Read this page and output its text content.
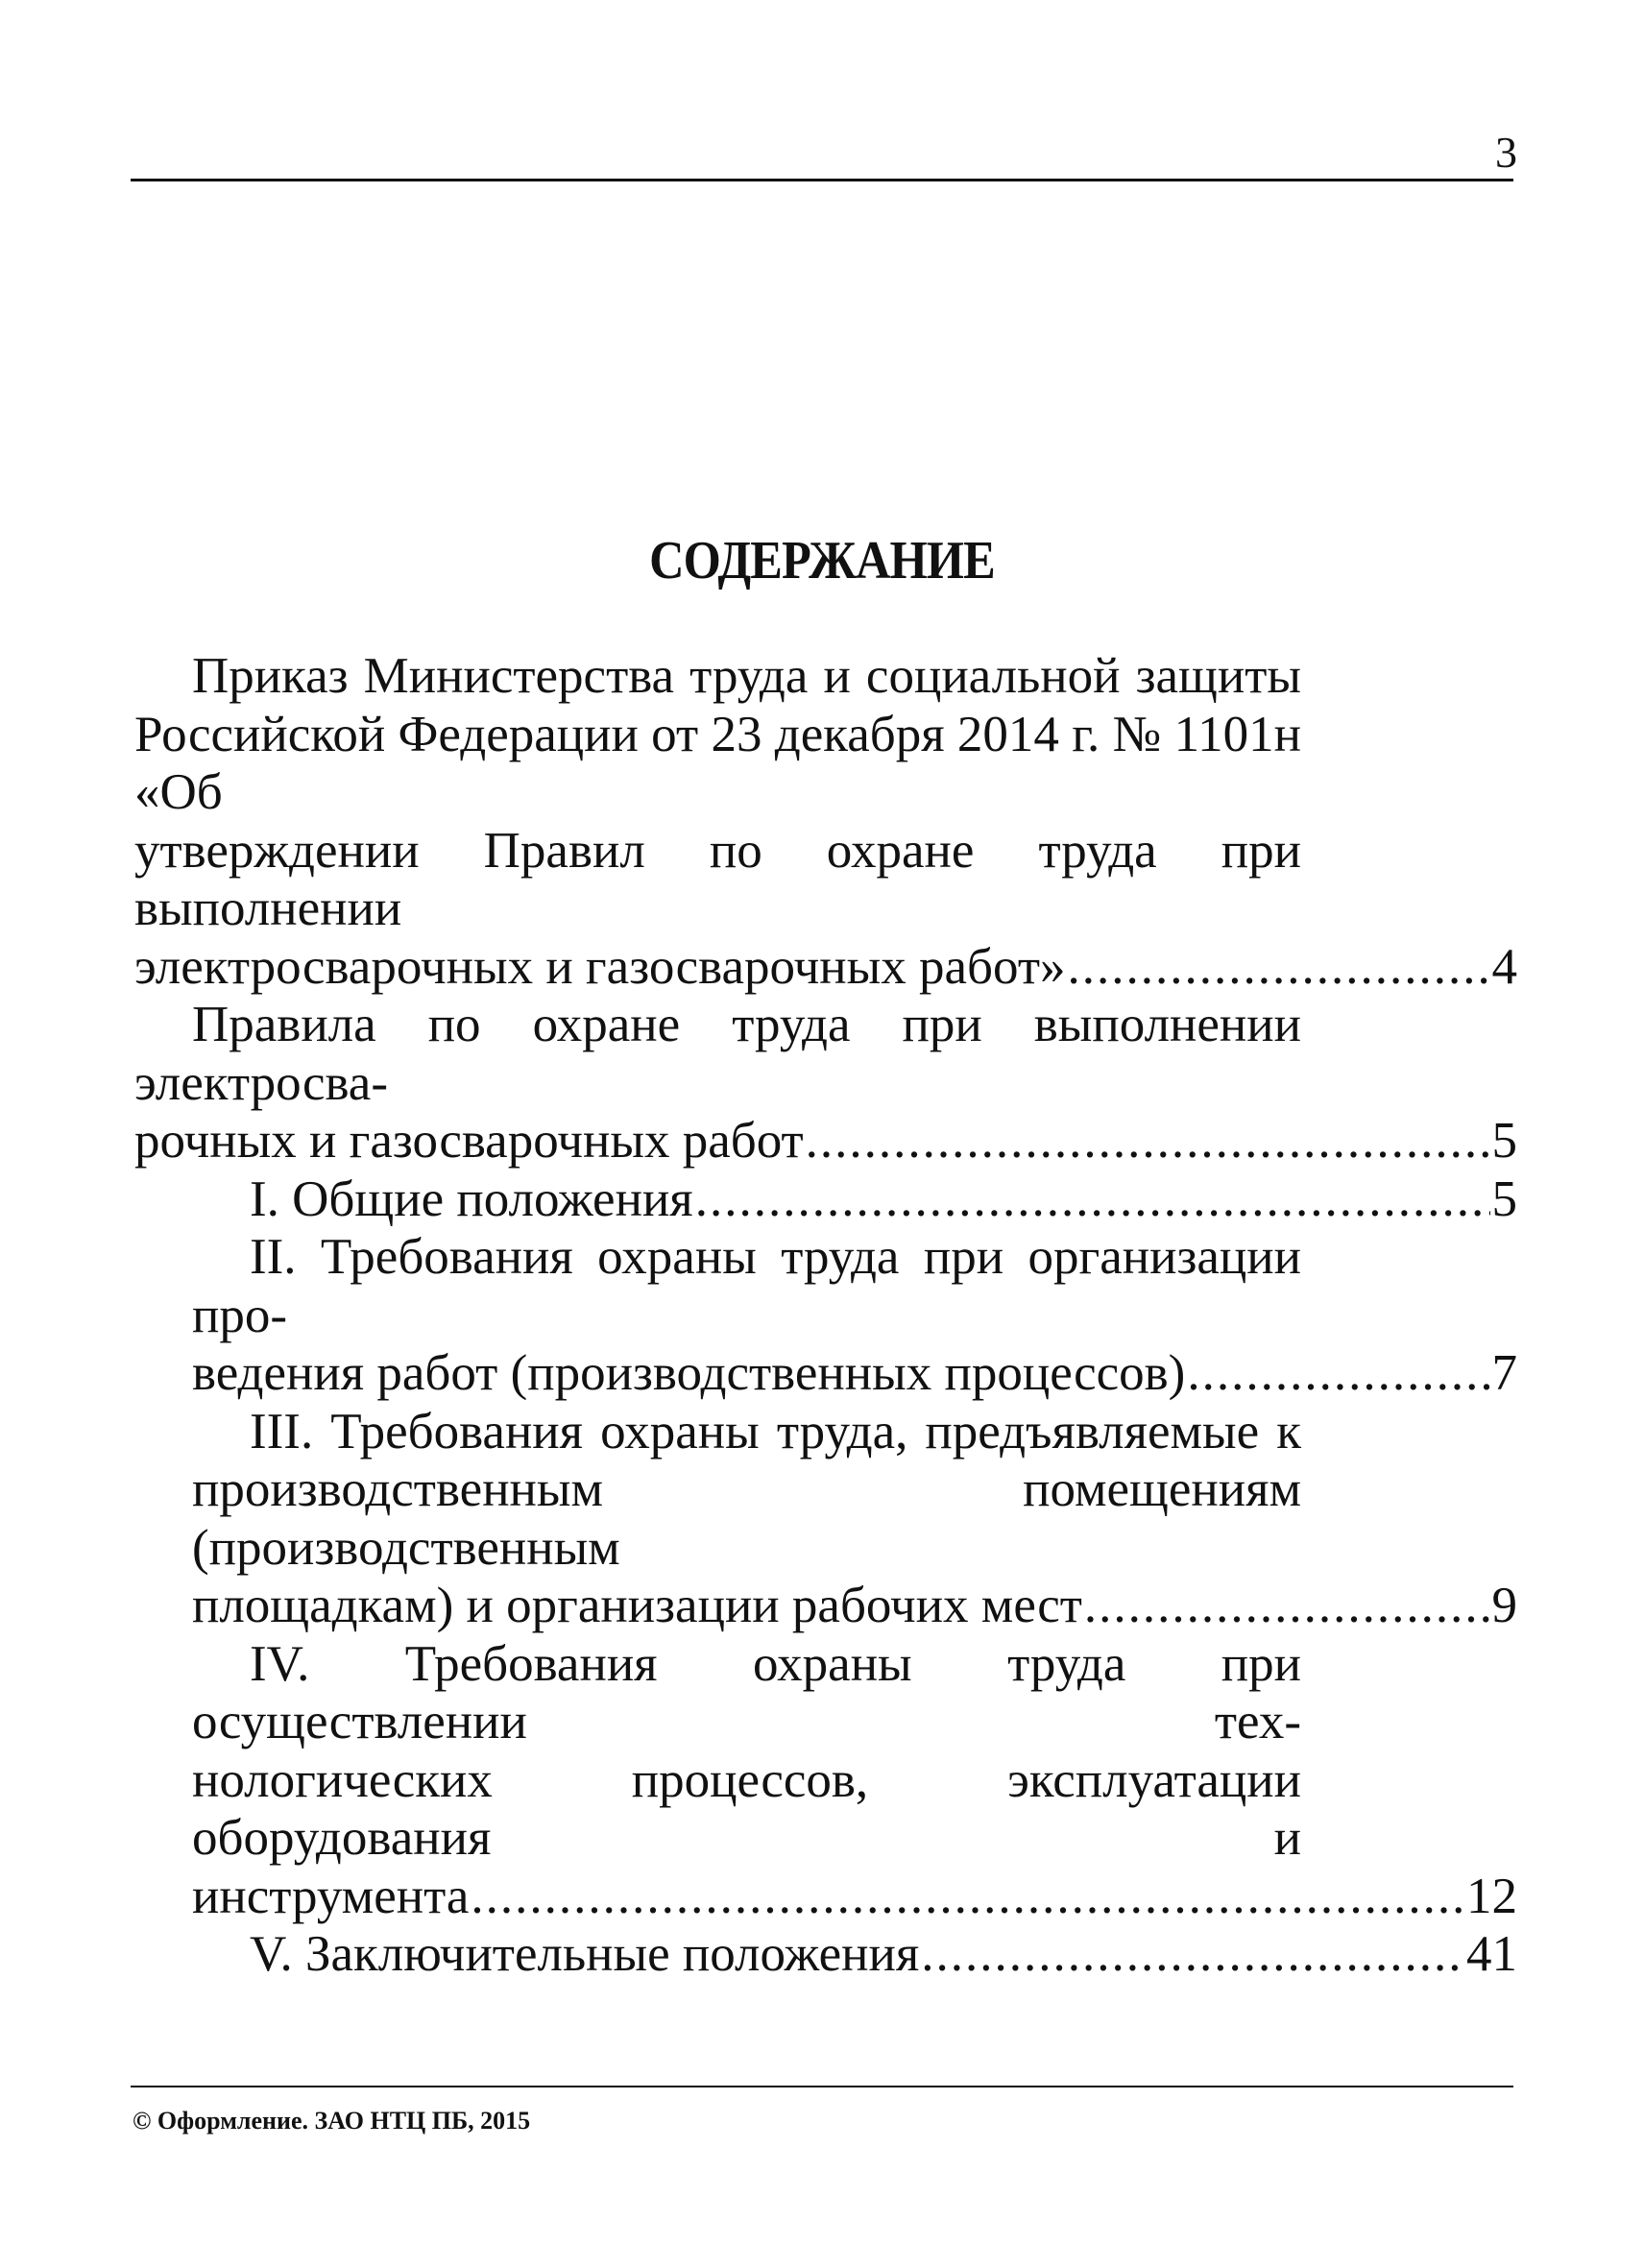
3
СОДЕРЖАНИЕ
Приказ Министерства труда и социальной защиты
Российской Федерации от 23 декабря 2014 г. № 1101н «Об
утверждении Правил по охране труда при выполнении
электросварочных и газосварочных работ» .....	4
Правила по охране труда при выполнении электросва-
рочных и газосварочных работ .....	5
I. Общие положения .....	5
II. Требования охраны труда при организации про-
ведения работ (производственных процессов) .....	7
III. Требования охраны труда, предъявляемые к
производственным помещениям (производственным
площадкам) и организации рабочих мест .....	9
IV. Требования охраны труда при осуществлении тех-
нологических процессов, эксплуатации оборудования и
инструмента .....	12
V. Заключительные положения .....	41
© Оформление. ЗАО НТЦ ПБ, 2015
